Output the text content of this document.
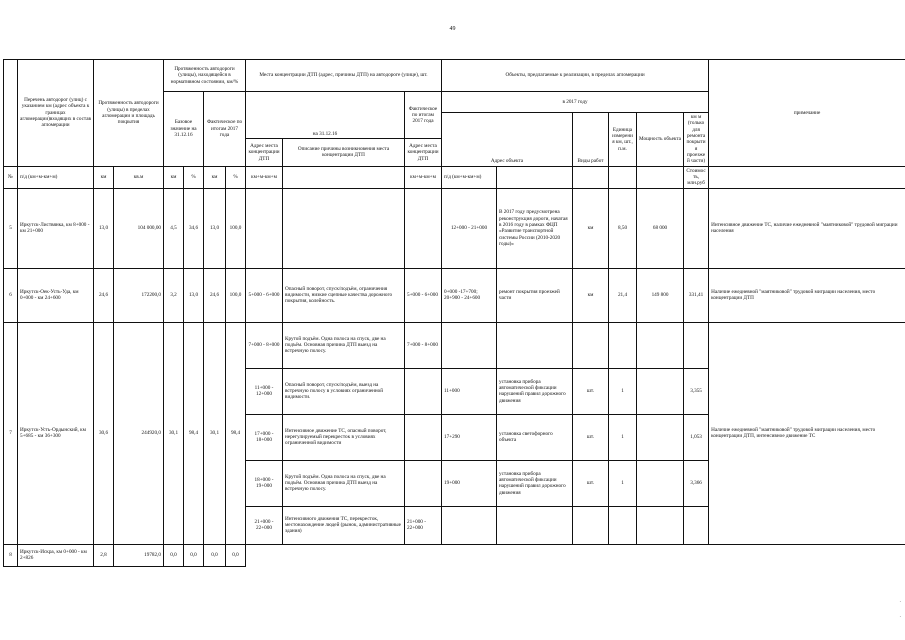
49
	Перечень автодорог (улиц) с указанием км (адрес объекта к границах агломерации)входящих в состав агломерации	Протяженность автодороги (улицы) в пределах агломерации и площадь покрытия		Протяженность автодороги (улицы), находящейся в нормативном состоянии, км/%				Места концентрации ДТП (адрес, причины ДТП) на автодороге (улице), шт.			Объекты, предлагаемые к реализации, в пределах агломерации						примечание
				Базовое значение на 31.12.16		Фактическое по итогам 2017 года		на 31.12.16		Фактическое по итогам 2017 года	в 2017 году						
											Адрес объекта		Виды работ	Единица измерения км, шт., п.м.	Мощность объекта	км м (только для ремонта покрытия проезжей части)	
								Адрес места концентрации ДТП	Описание причины возникновения места концентрации ДТП	Адрес места концентрации ДТП						
№	п/д (км+м-км+м)	км	кв.м	км	%	км	%	км+м-км+м		км+м-км+м	п/д (км+м-км+м)					Стоимость, млн.руб	
5	Иркутск-Листвянка, км 8+000 - км 21+000	13,0	104 000,00	4,5	34,6	13,0	100,0				12+000 - 21+000	В 2017 году предусмотрена реконструкция дороги, начатая в 2016 году в рамках ФЦП «Развитие транспортной системы России (2010-2020 годы)»	км	8,50	68 000		Интенсивное движение ТС, наличие ежедневной "маятниковой" трудовой миграции населения
6	Иркутск-Оек-Усть-Уда, км 0+000 - км 24+600	24,6	172200,0	3,2	13,0	24,6	100,0	5+000 - 6+000	Опасный поворот, спуск/подъём, ограничения видимости, низкие сцепные качества дорожного покрытия, колейность.	5+000 - 6+000	0+000 -17+700; 20+900 - 24+600	ремонт покрытия проезжей части	км	21,4	149 800	331,41	Наличие ежедневной "маятниковой" трудовой миграции населения, место концентрации ДТП
7	Иркутск-Усть-Ордынский, км 5+685 - км 36+300	30,6	244920,0	30,1	98,4	30,1	98,4	7+000 - 8+000	Крутой подъём. Одна полоса на спуск, две на подъём. Основная причина ДТП выезд на встречную полосу.	7+000 - 8+000							Наличие ежедневной "маятниковой" трудовой миграции населения, место концентрации ДТП, интенсивное движение ТС
								11+000 - 12+000	Опасный поворот, спуск/подъём, выезд на встречную полосу в условиях ограниченной видимости.		11+000	установка прибора автоматической фиксации нарушений правил дорожного движения	шт.	1		3,355	
								17+000 - 18+000	Интенсивное движение ТС, опасный поворот, нерегулируемый перекресток в условиях ограниченной видимости		17+290	установка светофорного объекта	шт.	1		1,053	
								18+000 - 19+000	Крутой подъём. Одна полоса на спуск, две на подъём. Основная причина ДТП выезд на встречную полосу.		19+000	установка прибора автоматической фиксации нарушений правил дорожного движения	шт.	1		3,366	
								21+000 - 22+000	Интенсивного движения ТС, перекресток, местонахождение людей (рынок, административные здания)	21+000 - 22+000							
8	Иркутск-Искра, км 0+000 - км 2+826	2,8	19782,0	0,0	0,0	0,0	0,0										
·
·
